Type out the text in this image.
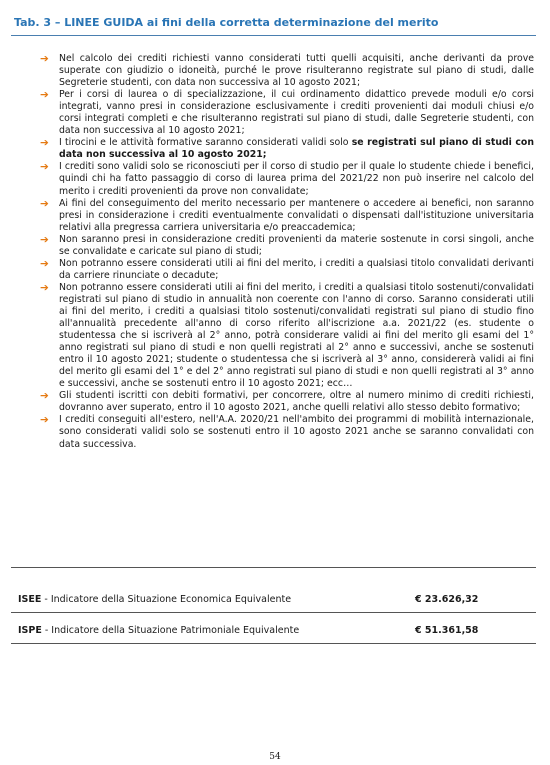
Tab. 3 – LINEE GUIDA ai fini della corretta determinazione del merito
➔ Nel calcolo dei crediti richiesti vanno considerati tutti quelli acquisiti, anche derivanti da prove superate con giudizio o idoneità, purché le prove risulteranno registrate sul piano di studi, dalle Segreterie studenti, con data non successiva al 10 agosto 2021;
➔ Per i corsi di laurea o di specializzazione, il cui ordinamento didattico prevede moduli e/o corsi integrati, vanno presi in considerazione esclusivamente i crediti provenienti dai moduli chiusi e/o corsi integrati completi e che risulteranno registrati sul piano di studi, dalle Segreterie studenti, con data non successiva al 10 agosto 2021;
➔ I tirocini e le attività formative saranno considerati validi solo se registrati sul piano di studi con data non successiva al 10 agosto 2021;
➔ I crediti sono validi solo se riconosciuti per il corso di studio per il quale lo studente chiede i benefici, quindi chi ha fatto passaggio di corso di laurea prima del 2021/22 non può inserire nel calcolo del merito i crediti provenienti da prove non convalidate;
➔ Ai fini del conseguimento del merito necessario per mantenere o accedere ai benefici, non saranno presi in considerazione i crediti eventualmente convalidati o dispensati dall'istituzione universitaria relativi alla pregressa carriera universitaria e/o preaccademica;
➔ Non saranno presi in considerazione crediti provenienti da materie sostenute in corsi singoli, anche se convalidate e caricate sul piano di studi;
➔ Non potranno essere considerati utili ai fini del merito, i crediti a qualsiasi titolo convalidati derivanti da carriere rinunciate o decadute;
➔ Non potranno essere considerati utili ai fini del merito, i crediti a qualsiasi titolo sostenuti/convalidati registrati sul piano di studio in annualità non coerente con l'anno di corso. Saranno considerati utili ai fini del merito, i crediti a qualsiasi titolo sostenuti/convalidati registrati sul piano di studio fino all'annualità precedente all'anno di corso riferito all'iscrizione a.a. 2021/22 (es. studente o studentessa che si iscriverà al 2° anno, potrà considerare validi ai fini del merito gli esami del 1° anno registrati sul piano di studi e non quelli registrati al 2° anno e successivi, anche se sostenuti entro il 10 agosto 2021; studente o studentessa che si iscriverà al 3° anno, considererà validi ai fini del merito gli esami del 1° e del 2° anno registrati sul piano di studi e non quelli registrati al 3° anno e successivi, anche se sostenuti entro il 10 agosto 2021; ecc…
➔ Gli studenti iscritti con debiti formativi, per concorrere, oltre al numero minimo di crediti richiesti, dovranno aver superato, entro il 10 agosto 2021, anche quelli relativi allo stesso debito formativo;
➔ I crediti conseguiti all'estero, nell'A.A. 2020/21 nell'ambito dei programmi di mobilità internazionale, sono considerati validi solo se sostenuti entro il 10 agosto 2021 anche se saranno convalidati con data successiva.
ISEE - Indicatore della Situazione Economica Equivalente	€ 23.626,32
ISPE - Indicatore della Situazione Patrimoniale Equivalente	€ 51.361,58
54
